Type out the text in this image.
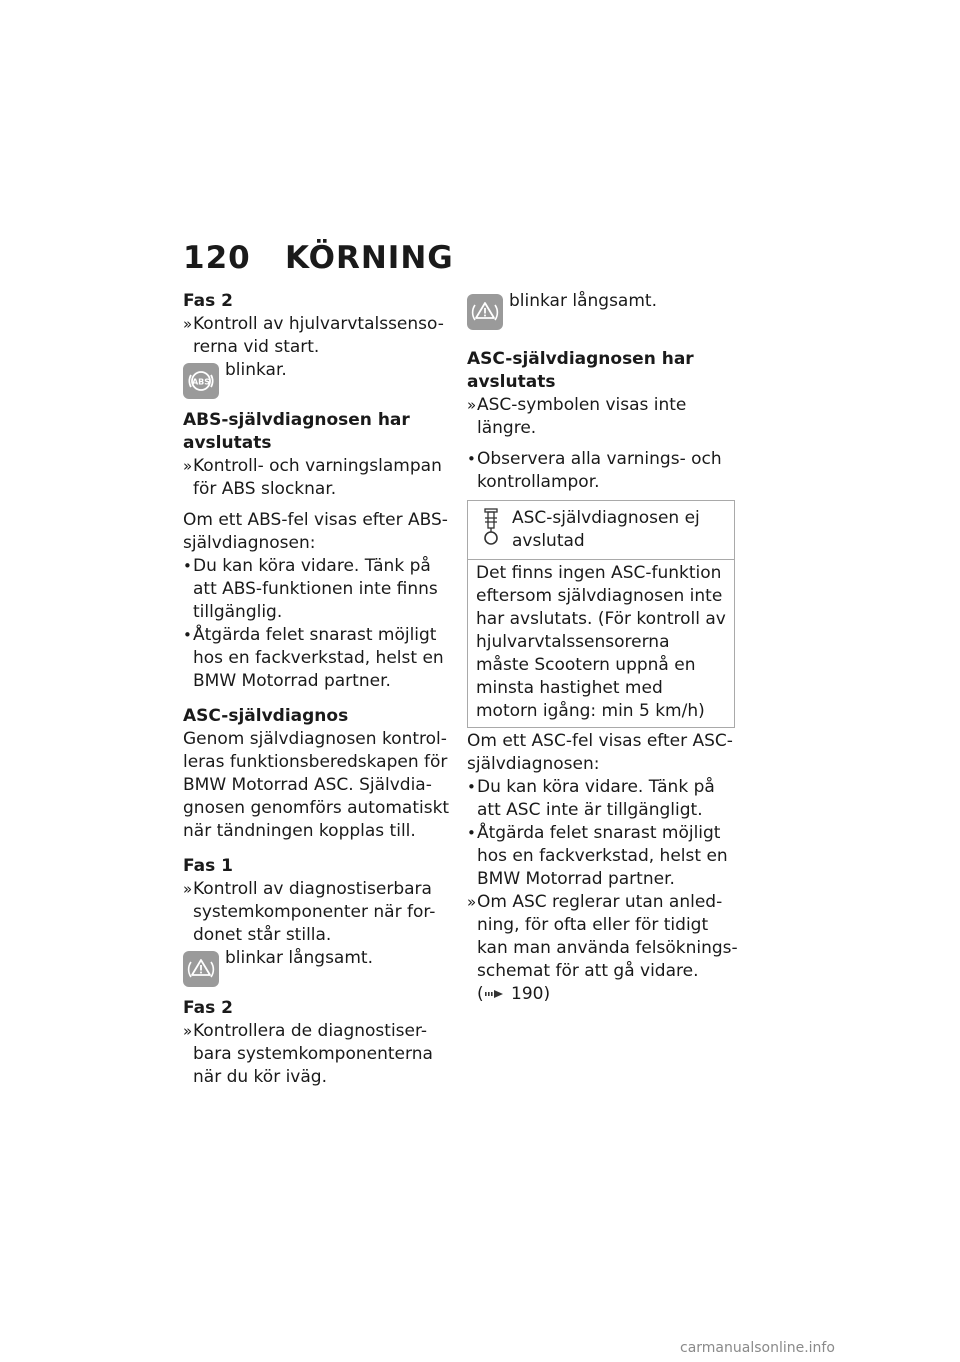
120 KÖRNING

Fas 2

» Kontroll av hjulvarvtalssenso-rerna vid start.
ABS
blinkar.

ABS-självdiagnosen har avslutats

» Kontroll- och varningslampan för ABS slocknar.

Om ett ABS-fel visas efter ABS-självdiagnosen:

• Du kan köra vidare. Tänk på att ABS-funktionen inte finns tillgänglig.
• Åtgärda felet snarast möjligt hos en fackverkstad, helst en BMW Motorrad partner.

ASC-självdiagnos

Genom självdiagnosen kontrol-leras funktionsberedskapen för BMW Motorrad ASC. Självdia-gnosen genomförs automatiskt när tändningen kopplas till.

Fas 1

» Kontroll av diagnostiserbara systemkomponenter när for-donet står stilla.
blinkar långsamt.

Fas 2

» Kontrollera de diagnostiser-bara systemkomponenterna när du kör iväg.
blinkar långsamt.

ASC-självdiagnosen har avslutats

» ASC-symbolen visas inte längre.
• Observera alla varnings- och kontrollampor.
ASC-självdiagnosen ej avslutad
Det finns ingen ASC-funktion eftersom självdiagnosen inte har avslutats. (För kontroll av hjulvarvtalssensorerna måste Scootern uppnå en minsta hastighet med motorn igång: min 5 km/h)

Om ett ASC-fel visas efter ASC-självdiagnosen:

• Du kan köra vidare. Tänk på att ASC inte är tillgängligt.
• Åtgärda felet snarast möjligt hos en fackverkstad, helst en BMW Motorrad partner.
» Om ASC reglerar utan anled-ning, för ofta eller för tidigt kan man använda felsöknings-schemat för att gå vidare.
( 190)
carmanualsonline.info
